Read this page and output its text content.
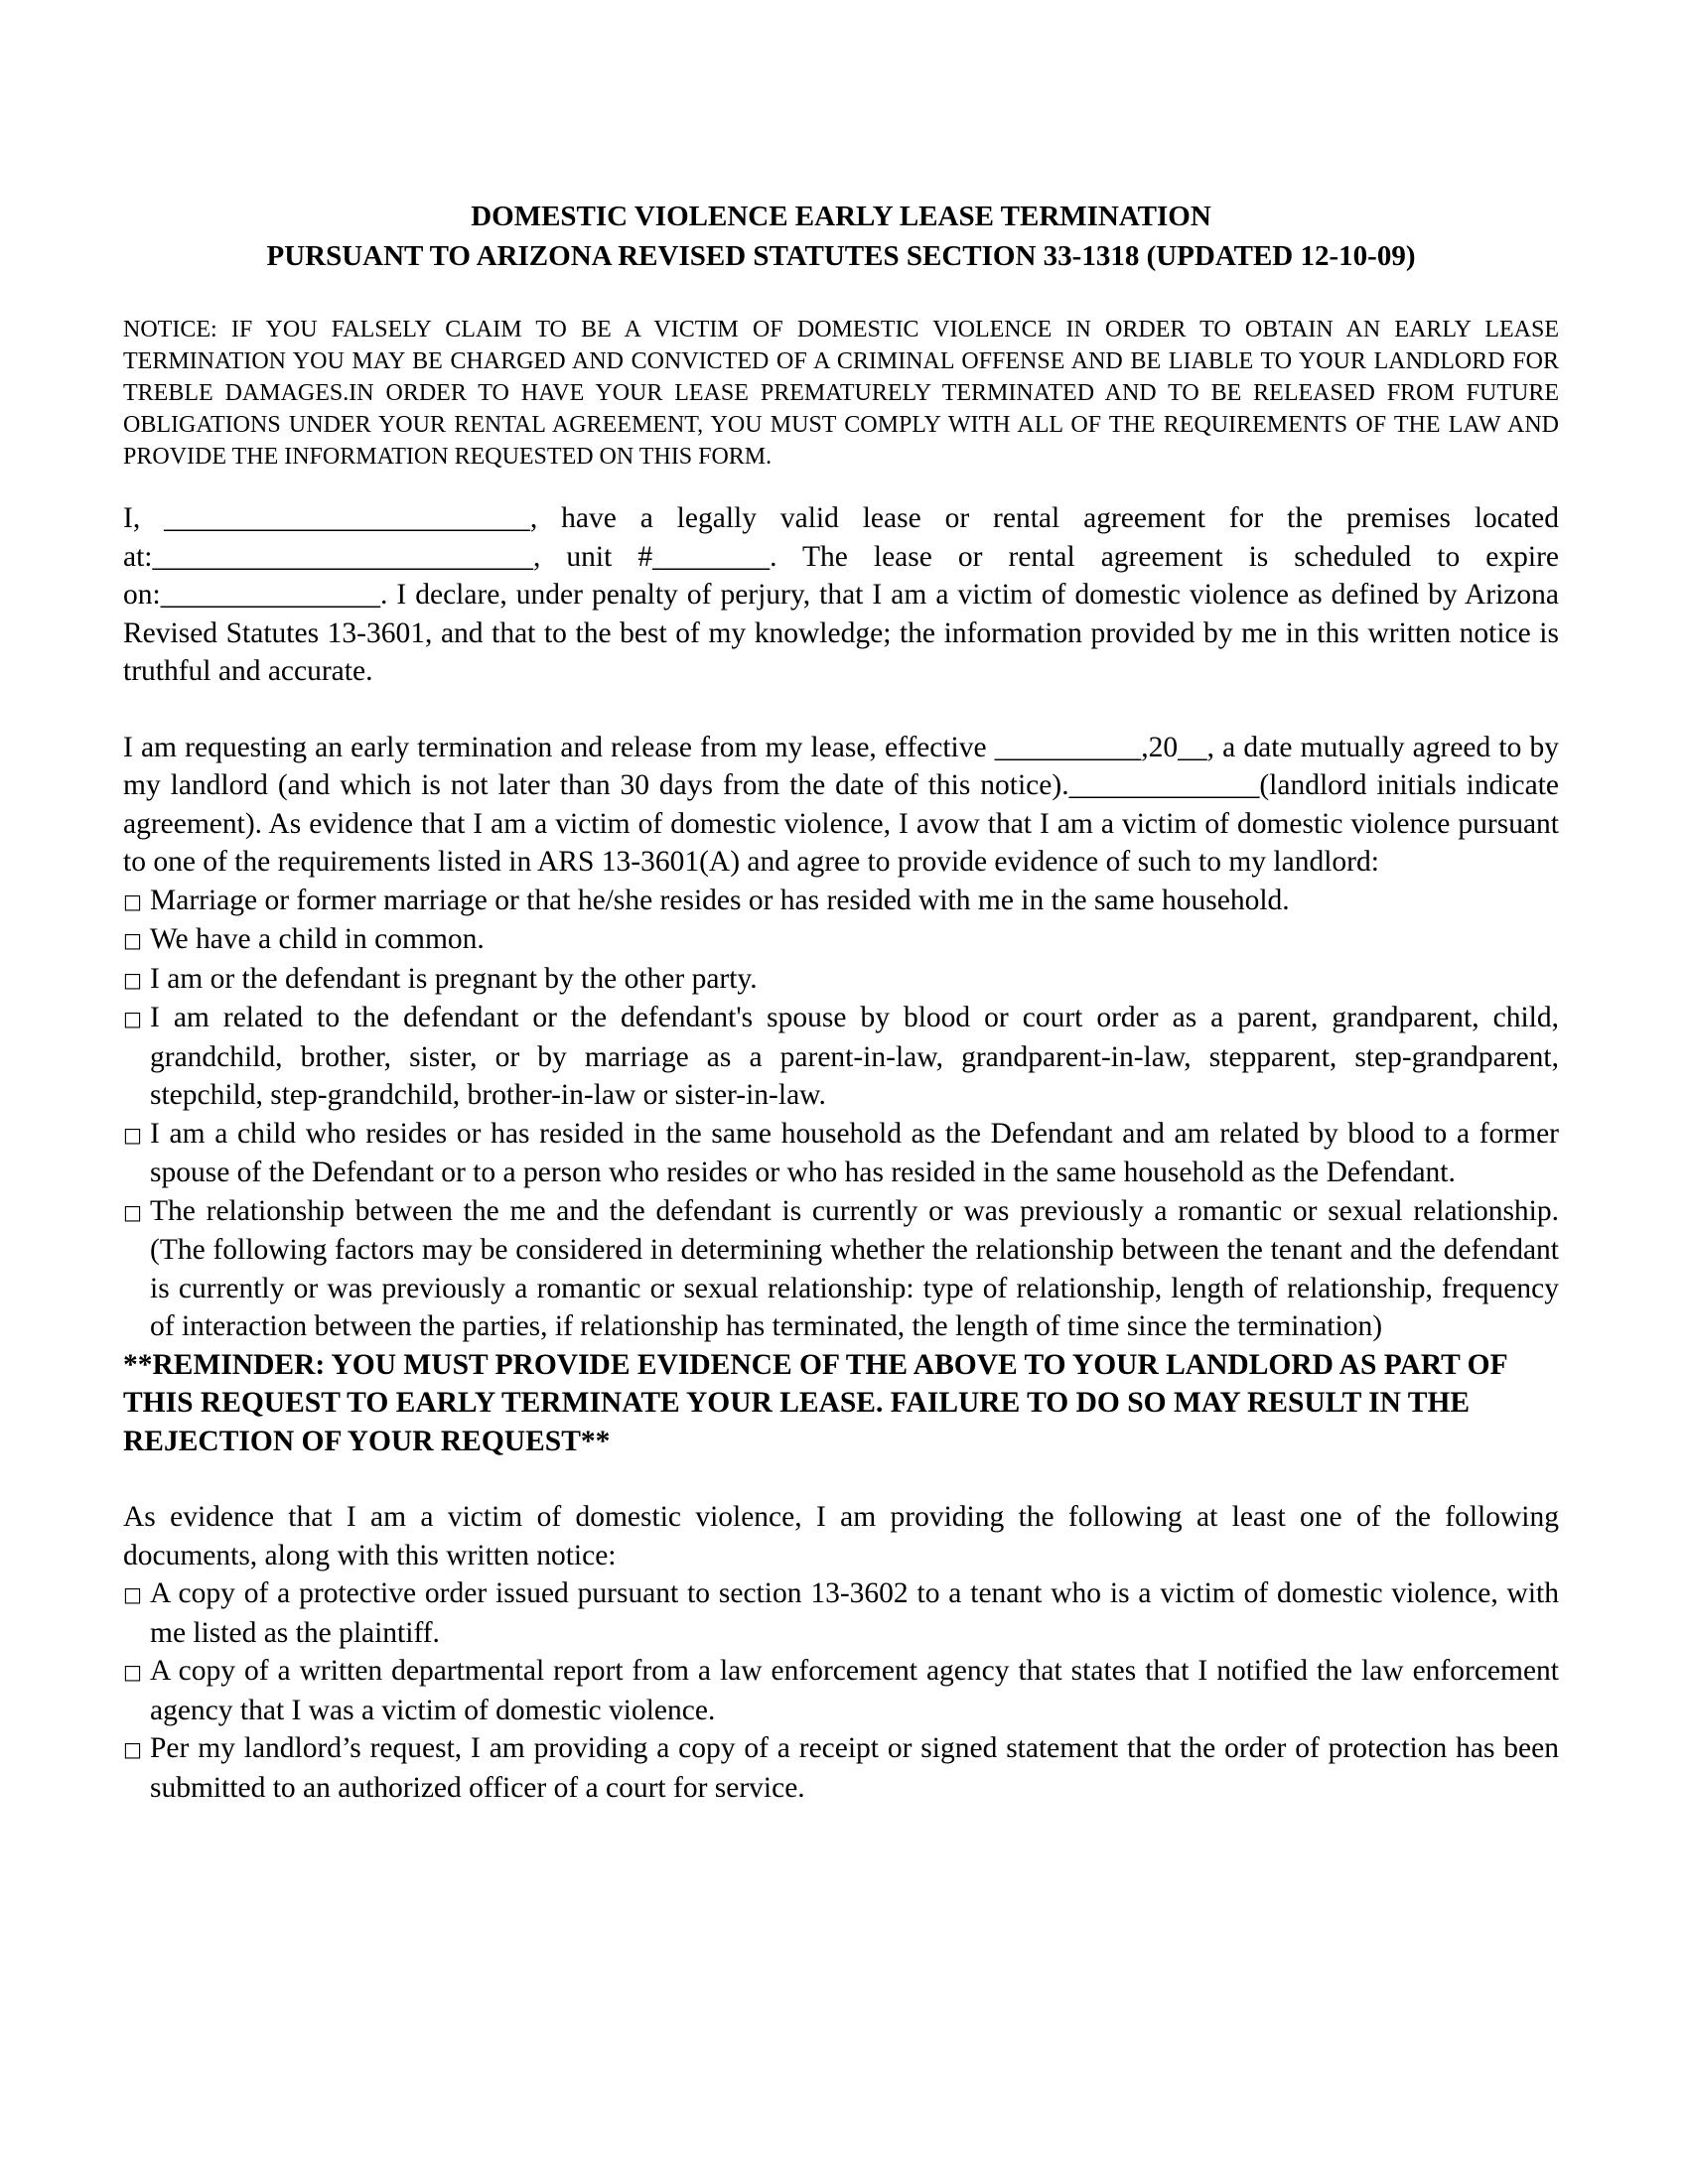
DOMESTIC VIOLENCE EARLY LEASE TERMINATION
PURSUANT TO ARIZONA REVISED STATUTES SECTION 33-1318 (UPDATED 12-10-09)
NOTICE: IF YOU FALSELY CLAIM TO BE A VICTIM OF DOMESTIC VIOLENCE IN ORDER TO OBTAIN AN EARLY LEASE TERMINATION YOU MAY BE CHARGED AND CONVICTED OF A CRIMINAL OFFENSE AND BE LIABLE TO YOUR LANDLORD FOR TREBLE DAMAGES.IN ORDER TO HAVE YOUR LEASE PREMATURELY TERMINATED AND TO BE RELEASED FROM FUTURE OBLIGATIONS UNDER YOUR RENTAL AGREEMENT, YOU MUST COMPLY WITH ALL OF THE REQUIREMENTS OF THE LAW AND PROVIDE THE INFORMATION REQUESTED ON THIS FORM.

I, _________________________, have a legally valid lease or rental agreement for the premises located at:__________________________, unit #________. The lease or rental agreement is scheduled to expire on:_______________. I declare, under penalty of perjury, that I am a victim of domestic violence as defined by Arizona Revised Statutes 13-3601, and that to the best of my knowledge; the information provided by me in this written notice is truthful and accurate.

I am requesting an early termination and release from my lease, effective __________,20__, a date mutually agreed to by my landlord (and which is not later than 30 days from the date of this notice)._____________(landlord initials indicate agreement). As evidence that I am a victim of domestic violence, I avow that I am a victim of domestic violence pursuant to one of the requirements listed in ARS 13-3601(A) and agree to provide evidence of such to my landlord:

□ Marriage or former marriage or that he/she resides or has resided with me in the same household.
□ We have a child in common.
□ I am or the defendant is pregnant by the other party.
□ I am related to the defendant or the defendant's spouse by blood or court order as a parent, grandparent, child, grandchild, brother, sister, or by marriage as a parent-in-law, grandparent-in-law, stepparent, step-grandparent, stepchild, step-grandchild, brother-in-law or sister-in-law.
□ I am a child who resides or has resided in the same household as the Defendant and am related by blood to a former spouse of the Defendant or to a person who resides or who has resided in the same household as the Defendant.
□ The relationship between the me and the defendant is currently or was previously a romantic or sexual relationship. (The following factors may be considered in determining whether the relationship between the tenant and the defendant is currently or was previously a romantic or sexual relationship: type of relationship, length of relationship, frequency of interaction between the parties, if relationship has terminated, the length of time since the termination)

**REMINDER: YOU MUST PROVIDE EVIDENCE OF THE ABOVE TO YOUR LANDLORD AS PART OF THIS REQUEST TO EARLY TERMINATE YOUR LEASE. FAILURE TO DO SO MAY RESULT IN THE REJECTION OF YOUR REQUEST**

As evidence that I am a victim of domestic violence, I am providing the following at least one of the following documents, along with this written notice:

□ A copy of a protective order issued pursuant to section 13-3602 to a tenant who is a victim of domestic violence, with me listed as the plaintiff.
□ A copy of a written departmental report from a law enforcement agency that states that I notified the law enforcement agency that I was a victim of domestic violence.
□ Per my landlord’s request, I am providing a copy of a receipt or signed statement that the order of protection has been submitted to an authorized officer of a court for service.
